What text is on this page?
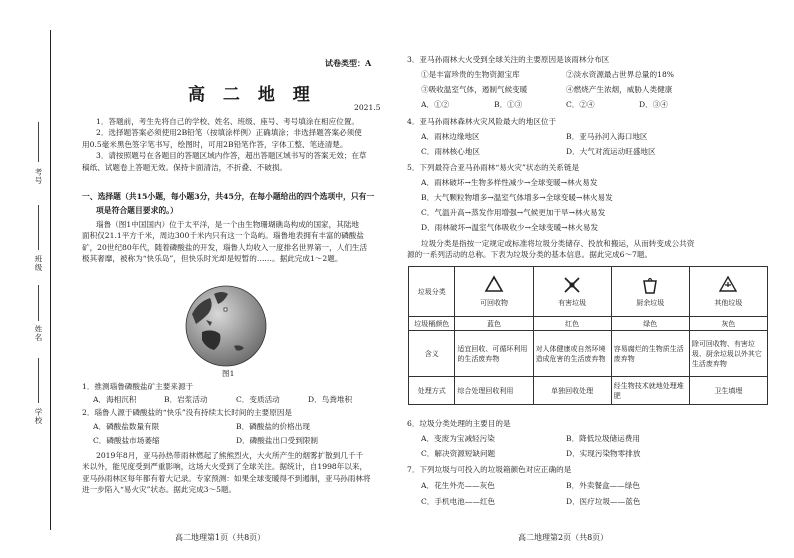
考号
班级
姓名
学校
试卷类型：A
高 二 地 理
2021.5
1．答题前，考生先将自己的学校、姓名、班级、座号、考号填涂在相应位置。
2．选择题答案必须使用2B铅笔（按填涂样例）正确填涂；非选择题答案必须使
用0.5毫米黑色签字笔书写，绘图时，可用2B铅笔作答，字体工整、笔迹清楚。
3．请按照题号在各题目的答题区域内作答，超出答题区域书写的答案无效；在草
稿纸、试题卷上答题无效。保持卡面清洁，不折叠、不破损。
一、选择题（共15小题，每小题3分，共45分，在每小题给出的四个选项中，只有一
项是符合题目要求的。）
瑙鲁（图1中国国内）位于太平洋，是一个由生物珊瑚礁岛构成的国家，其陆地
面积仅21.1平方千米，周边300千米内只有这一个岛屿。瑙鲁地表拥有丰富的磷酸盐
矿，20世纪80年代，随着磷酸盐的开发，瑙鲁人均收入一度排名世界第一，人们生活
极其奢靡，被称为“快乐岛”，但快乐时光却是短暂的……。据此完成1～2题。
图1
1．推测瑙鲁磷酸盐矿主要来源于
A．海相沉积	B．岩浆活动	C．变质活动	D．鸟粪堆积
2．瑙鲁人源于磷酸盐的“快乐”没有持续太长时间的主要原因是
A．磷酸盐数量有限	B．磷酸盐的价格出现
C．磷酸盐市场萎缩	D．磷酸盐出口受到限制
2019年8月，亚马孙热带雨林燃起了熊熊烈火，大火所产生的烟雾扩散到几千千
米以外，能见度受到严重影响，这场大火受到了全球关注。据统计，自1998年以来，
亚马孙雨林区每年都有着大记录。专家预测：如果全球变暖得不到遏制，亚马孙雨林将
进一步陷入“易火灾”状态。据此完成3～5题。
高二地理第1页（共8页）
3．亚马孙雨林大火受到全球关注的主要原因是该雨林分布区
①是丰富珍贵的生物资源宝库	②淡水资源最占世界总量的18%
③吸收温室气体，遏制气候变暖	④燃烧产生浓烟，威胁人类健康
A．①②	B．①③	C．②④	D．③④
4．亚马孙雨林森林火灾风险最大的地区位于
A．雨林边缘地区	B．亚马孙河入海口地区
C．雨林核心地区	D．大气对流运动旺盛地区
5．下列最符合亚马孙雨林“易火灾”状态的关系链是
A．雨林破坏→生物多样性减少→全球变暖→林火易发
B．大气颗粒物增多→温室气体增多→全球变暖→林火易发
C．气温升高→蒸发作用增强→气候更加干旱→林火易发
D．雨林破坏→温室气体吸收少→全球变暖→林火易发
垃圾分类是指按一定规定或标准将垃圾分类储存、投放和搬运，从而转变成公共资
源的一系列活动的总称。下表为垃圾分类的基本信息。据此完成6～7题。
垃圾分类	可回收物	有害垃圾	厨余垃圾	其他垃圾

垃圾桶颜色	蓝色	红色	绿色	灰色
含义	适宜回收、可循环利用的生活废弃物	对人体健康或自然环境造成危害的生活废弃物	容易腐烂的生物质生活废弃物	除可回收物、有害垃圾、厨余垃圾以外其它生活废弃物
处理方式	综合处理回收利用	单独回收处理	经生物技术就地处理堆肥	卫生填埋
6．垃圾分类处理的主要目的是
A．变废为宝减轻污染	B．降低垃圾储运费用
C．解决资源短缺问题	D．实现污染物零排放
7．下列垃圾与可投入的垃圾箱颜色对应正确的是
A．花生外壳——灰色	B．外卖餐盒——绿色
C．手机电池——红色	D．医疗垃圾——蓝色
高二地理第2页（共8页）
